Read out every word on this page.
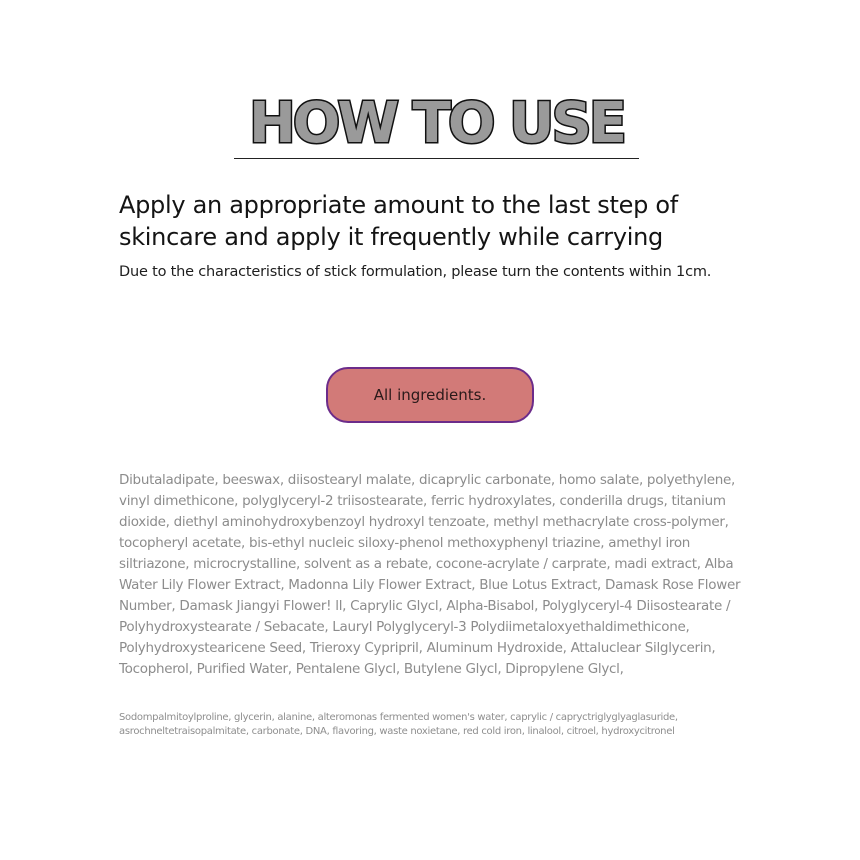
HOW TO USE
Apply an appropriate amount to the last step of skincare and apply it frequently while carrying
Due to the characteristics of stick formulation, please turn the contents within 1cm.
All ingredients.
Dibutaladipate, beeswax, diisostearyl malate, dicaprylic carbonate, homo salate, polyethylene, vinyl dimethicone, polyglyceryl-2 triisostearate, ferric hydroxylates, conderilla drugs, titanium dioxide, diethyl aminohydroxybenzoyl hydroxyl tenzoate, methyl methacrylate cross-polymer, tocopheryl acetate, bis-ethyl nucleic siloxy-phenol methoxyphenyl triazine, amethyl iron siltriazone, microcrystalline, solvent as a rebate, cocone-acrylate / carprate, madi extract, Alba Water Lily Flower Extract, Madonna Lily Flower Extract, Blue Lotus Extract, Damask Rose Flower Number, Damask Jiangyi Flower! ll, Caprylic Glycl, Alpha-Bisabol, Polyglyceryl-4 Diisostearate / Polyhydroxystearate / Sebacate, Lauryl Polyglyceryl-3 Polydiimetaloxyethaldimethicone, Polyhydroxystearicene Seed, Trieroxy Cypripril, Aluminum Hydroxide, Attaluclear Silglycerin, Tocopherol, Purified Water, Pentalene Glycl, Butylene Glycl, Dipropylene Glycl,
Sodompalmitoylproline, glycerin, alanine, alteromonas fermented women's water, caprylic / capryctriglyglyaglasuride, asrochneltetraisopalmitate, carbonate, DNA, flavoring, waste noxietane, red cold iron, linalool, citroel, hydroxycitronel
